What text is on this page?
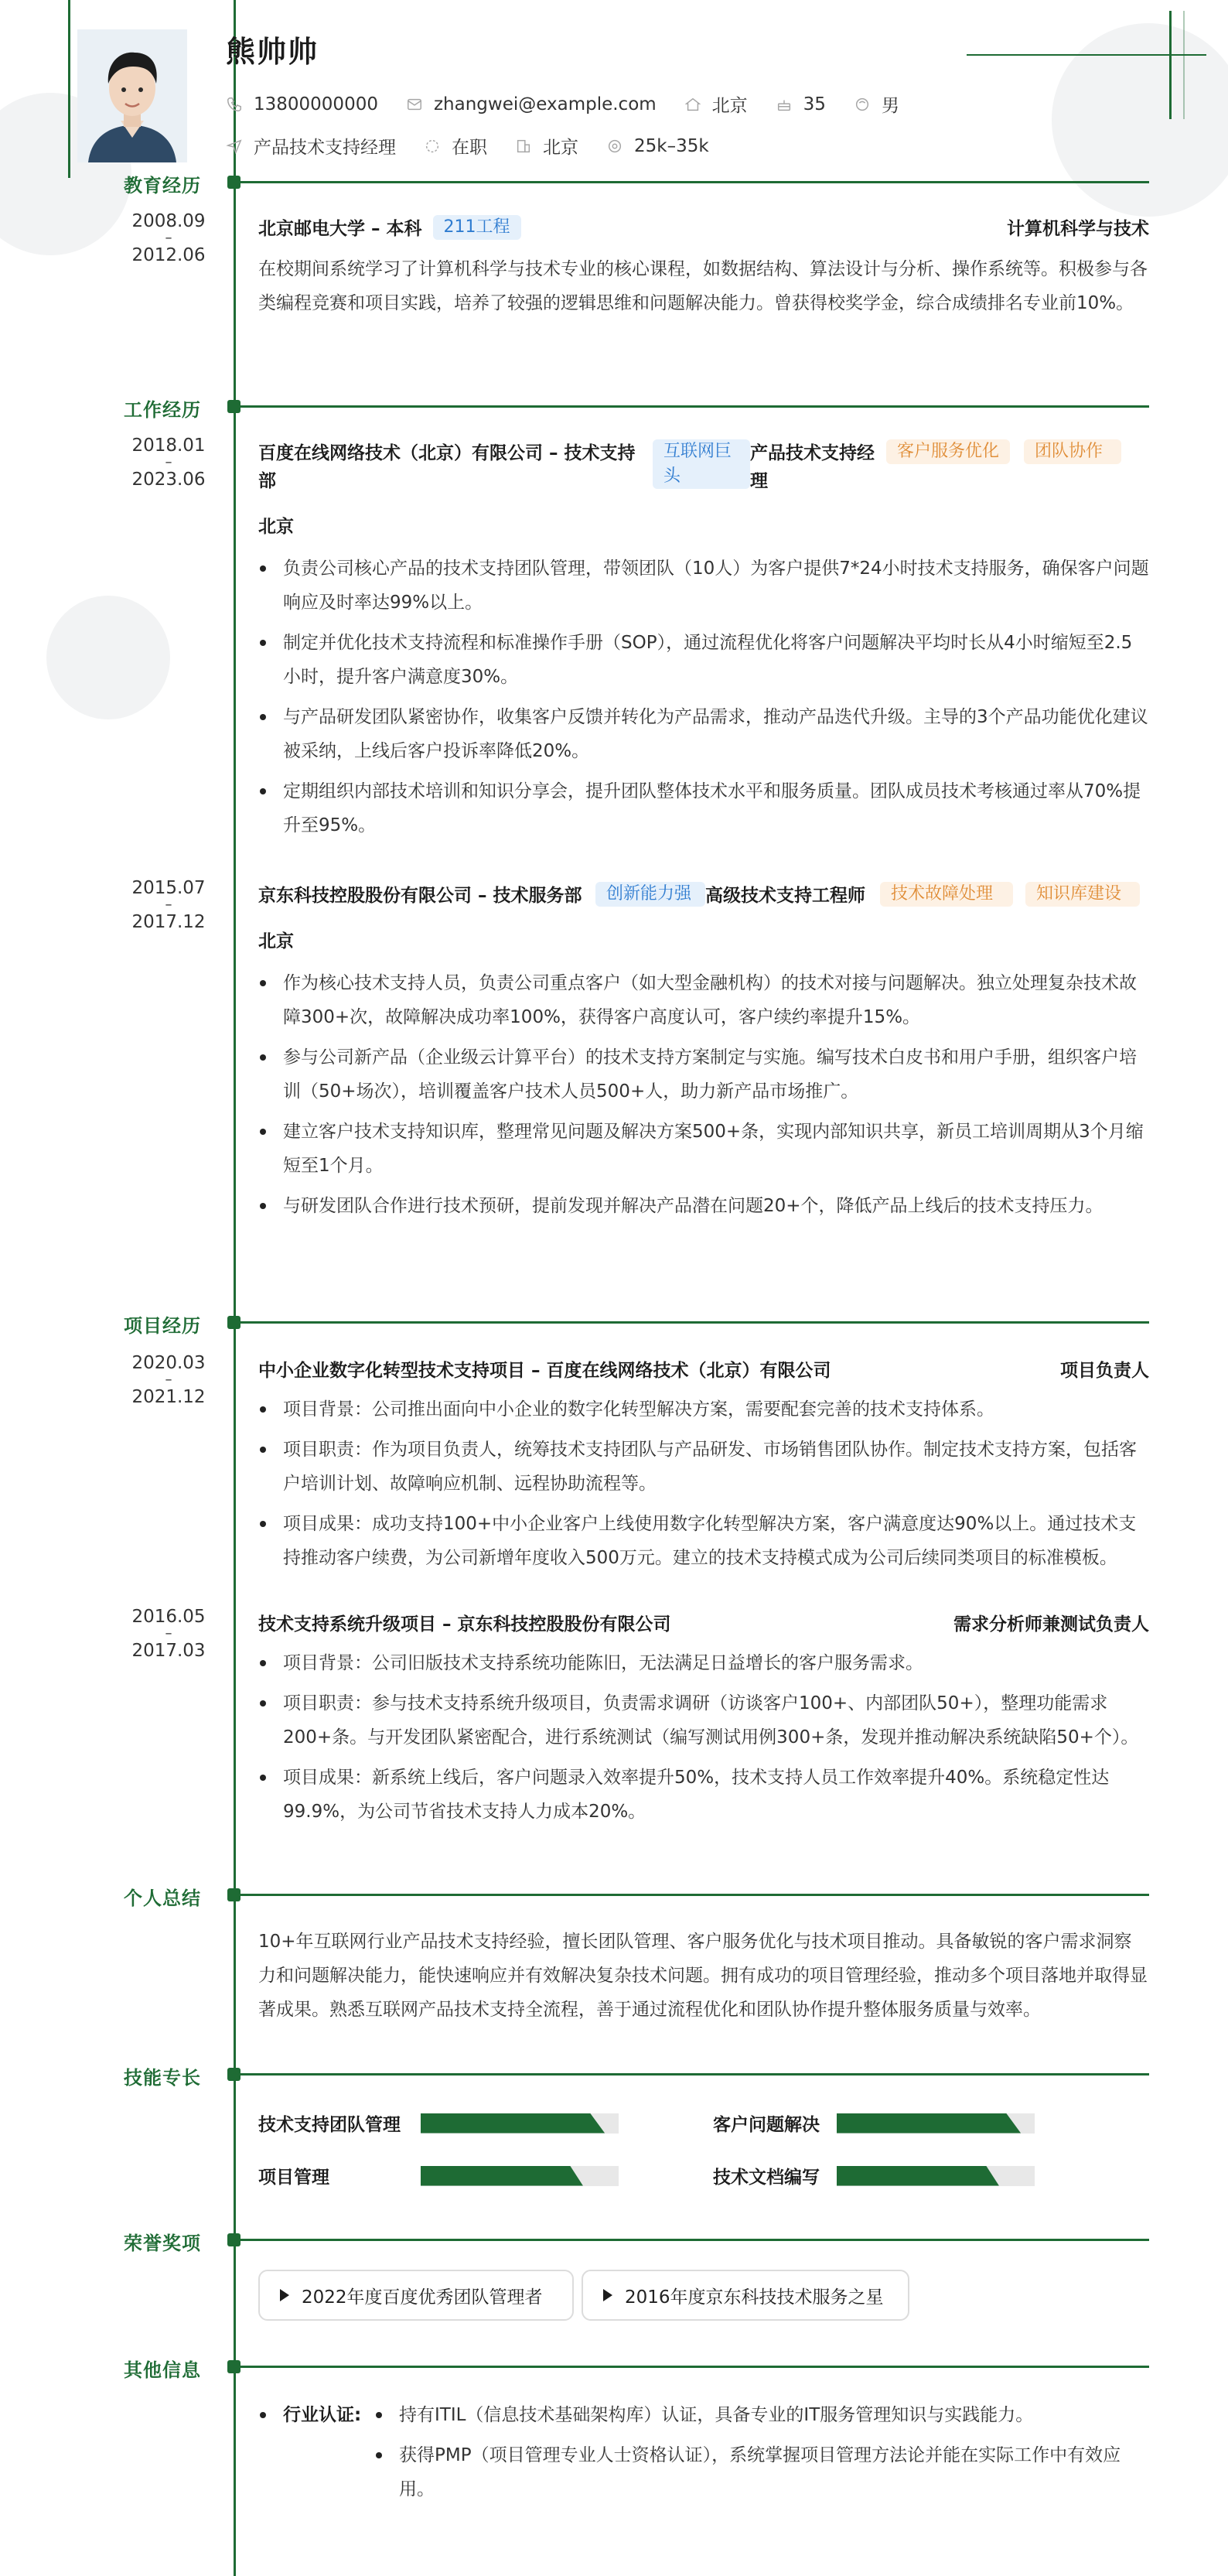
熊帅帅
13800000000	zhangwei@example.com	北京	35	男
产品技术支持经理	在职	北京	25k–35k
教育经历
2008.09
–
2012.06
北京邮电大学 – 本科	211工程	计算机科学与技术
在校期间系统学习了计算机科学与技术专业的核心课程，如数据结构、算法设计与分析、操作系统等。积极参与各类编程竞赛和项目实践，培养了较强的逻辑思维和问题解决能力。曾获得校奖学金，综合成绩排名专业前10%。
工作经历
2018.01
–
2023.06
百度在线网络技术（北京）有限公司 – 技术支持部
互联网巨头
产品技术支持经理
客户服务优化	团队协作
北京
负责公司核心产品的技术支持团队管理，带领团队（10人）为客户提供7*24小时技术支持服务，确保客户问题响应及时率达99%以上。
制定并优化技术支持流程和标准操作手册（SOP），通过流程优化将客户问题解决平均时长从4小时缩短至2.5小时，提升客户满意度30%。
与产品研发团队紧密协作，收集客户反馈并转化为产品需求，推动产品迭代升级。主导的3个产品功能优化建议被采纳，上线后客户投诉率降低20%。
定期组织内部技术培训和知识分享会，提升团队整体技术水平和服务质量。团队成员技术考核通过率从70%提升至95%。
2015.07
–
2017.12
京东科技控股股份有限公司 – 技术服务部	创新能力强 高级技术支持工程师	技术故障处理	知识库建设
北京
作为核心技术支持人员，负责公司重点客户（如大型金融机构）的技术对接与问题解决。独立处理复杂技术故障300+次，故障解决成功率100%，获得客户高度认可，客户续约率提升15%。
参与公司新产品（企业级云计算平台）的技术支持方案制定与实施。编写技术白皮书和用户手册，组织客户培训（50+场次），培训覆盖客户技术人员500+人，助力新产品市场推广。
建立客户技术支持知识库，整理常见问题及解决方案500+条，实现内部知识共享，新员工培训周期从3个月缩短至1个月。
与研发团队合作进行技术预研，提前发现并解决产品潜在问题20+个，降低产品上线后的技术支持压力。
项目经历
2020.03
–
2021.12
中小企业数字化转型技术支持项目 – 百度在线网络技术（北京）有限公司	项目负责人
项目背景：公司推出面向中小企业的数字化转型解决方案，需要配套完善的技术支持体系。
项目职责：作为项目负责人，统筹技术支持团队与产品研发、市场销售团队协作。制定技术支持方案，包括客户培训计划、故障响应机制、远程协助流程等。
项目成果：成功支持100+中小企业客户上线使用数字化转型解决方案，客户满意度达90%以上。通过技术支持推动客户续费，为公司新增年度收入500万元。建立的技术支持模式成为公司后续同类项目的标准模板。
2016.05
–
2017.03
技术支持系统升级项目 – 京东科技控股股份有限公司	需求分析师兼测试负责人
项目背景：公司旧版技术支持系统功能陈旧，无法满足日益增长的客户服务需求。
项目职责：参与技术支持系统升级项目，负责需求调研（访谈客户100+、内部团队50+），整理功能需求200+条。与开发团队紧密配合，进行系统测试（编写测试用例300+条，发现并推动解决系统缺陷50+个）。
项目成果：新系统上线后，客户问题录入效率提升50%，技术支持人员工作效率提升40%。系统稳定性达99.9%，为公司节省技术支持人力成本20%。
个人总结
10+年互联网行业产品技术支持经验，擅长团队管理、客户服务优化与技术项目推动。具备敏锐的客户需求洞察力和问题解决能力，能快速响应并有效解决复杂技术问题。拥有成功的项目管理经验，推动多个项目落地并取得显著成果。熟悉互联网产品技术支持全流程，善于通过流程优化和团队协作提升整体服务质量与效率。
技能专长
技术支持团队管理	客户问题解决
项目管理	技术文档编写
荣誉奖项
2022年度百度优秀团队管理者	2016年度京东科技技术服务之星
其他信息
行业认证:	持有ITIL（信息技术基础架构库）认证，具备专业的IT服务管理知识与实践能力。
获得PMP（项目管理专业人士资格认证），系统掌握项目管理方法论并能在实际工作中有效应用。
